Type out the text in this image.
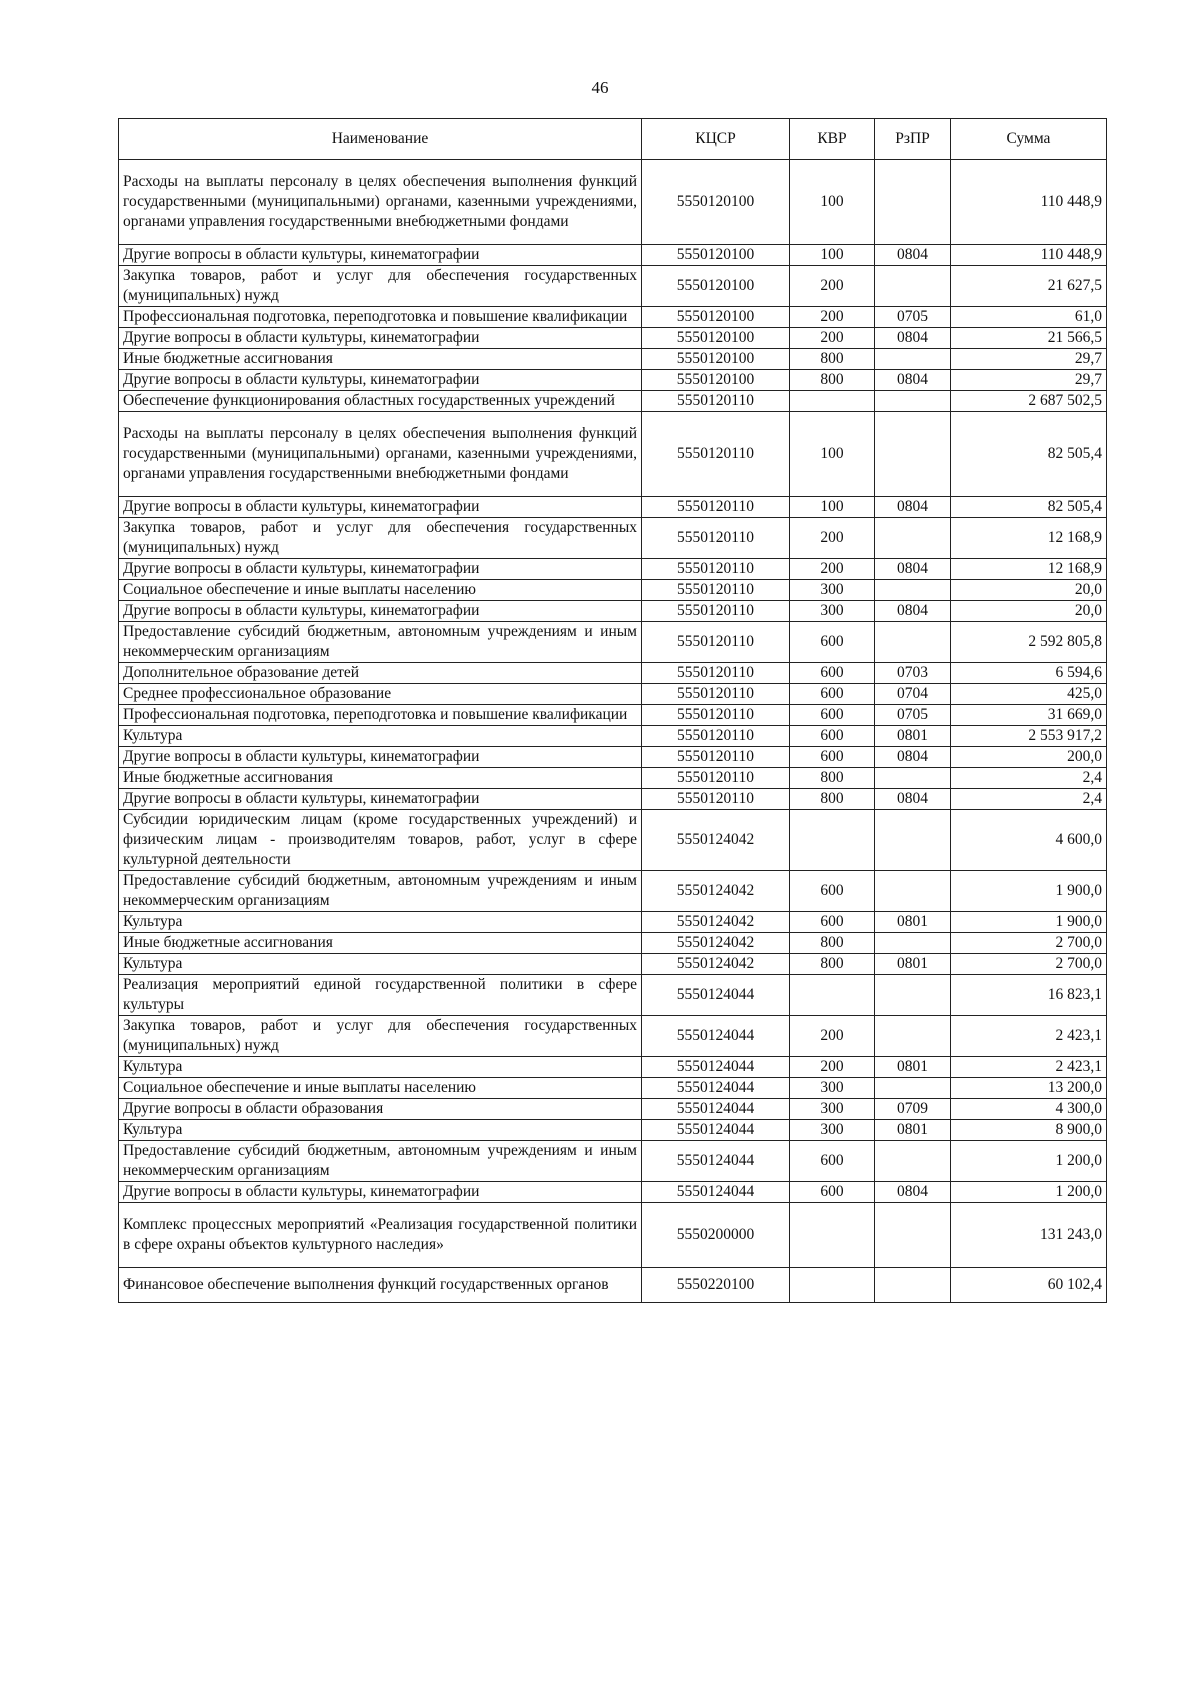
46
Наименование	КЦСР	КВР	РзПР	Сумма
Расходы на выплаты персоналу в целях обеспечения выполнения функций государственными (муниципальными) органами, казенными учреждениями, органами управления государственными внебюджетными фондами	5550120100	100		110 448,9
Другие вопросы в области культуры, кинематографии	5550120100	100	0804	110 448,9
Закупка товаров, работ и услуг для обеспечения государственных (муниципальных) нужд	5550120100	200		21 627,5
Профессиональная подготовка, переподготовка и повышение квалификации	5550120100	200	0705	61,0
Другие вопросы в области культуры, кинематографии	5550120100	200	0804	21 566,5
Иные бюджетные ассигнования	5550120100	800		29,7
Другие вопросы в области культуры, кинематографии	5550120100	800	0804	29,7
Обеспечение функционирования областных государственных учреждений	5550120110			2 687 502,5
Расходы на выплаты персоналу в целях обеспечения выполнения функций государственными (муниципальными) органами, казенными учреждениями, органами управления государственными внебюджетными фондами	5550120110	100		82 505,4
Другие вопросы в области культуры, кинематографии	5550120110	100	0804	82 505,4
Закупка товаров, работ и услуг для обеспечения государственных (муниципальных) нужд	5550120110	200		12 168,9
Другие вопросы в области культуры, кинематографии	5550120110	200	0804	12 168,9
Социальное обеспечение и иные выплаты населению	5550120110	300		20,0
Другие вопросы в области культуры, кинематографии	5550120110	300	0804	20,0
Предоставление субсидий бюджетным, автономным учреждениям и иным некоммерческим организациям	5550120110	600		2 592 805,8
Дополнительное образование детей	5550120110	600	0703	6 594,6
Среднее профессиональное образование	5550120110	600	0704	425,0
Профессиональная подготовка, переподготовка и повышение квалификации	5550120110	600	0705	31 669,0
Культура	5550120110	600	0801	2 553 917,2
Другие вопросы в области культуры, кинематографии	5550120110	600	0804	200,0
Иные бюджетные ассигнования	5550120110	800		2,4
Другие вопросы в области культуры, кинематографии	5550120110	800	0804	2,4
Субсидии юридическим лицам (кроме государственных учреждений) и физическим лицам - производителям товаров, работ, услуг в сфере культурной деятельности	5550124042			4 600,0
Предоставление субсидий бюджетным, автономным учреждениям и иным некоммерческим организациям	5550124042	600		1 900,0
Культура	5550124042	600	0801	1 900,0
Иные бюджетные ассигнования	5550124042	800		2 700,0
Культура	5550124042	800	0801	2 700,0
Реализация мероприятий единой государственной политики в сфере культуры	5550124044			16 823,1
Закупка товаров, работ и услуг для обеспечения государственных (муниципальных) нужд	5550124044	200		2 423,1
Культура	5550124044	200	0801	2 423,1
Социальное обеспечение и иные выплаты населению	5550124044	300		13 200,0
Другие вопросы в области образования	5550124044	300	0709	4 300,0
Культура	5550124044	300	0801	8 900,0
Предоставление субсидий бюджетным, автономным учреждениям и иным некоммерческим организациям	5550124044	600		1 200,0
Другие вопросы в области культуры, кинематографии	5550124044	600	0804	1 200,0
Комплекс процессных мероприятий «Реализация государственной политики в сфере охраны объектов культурного наследия»	5550200000			131 243,0
Финансовое обеспечение выполнения функций государственных органов	5550220100			60 102,4
